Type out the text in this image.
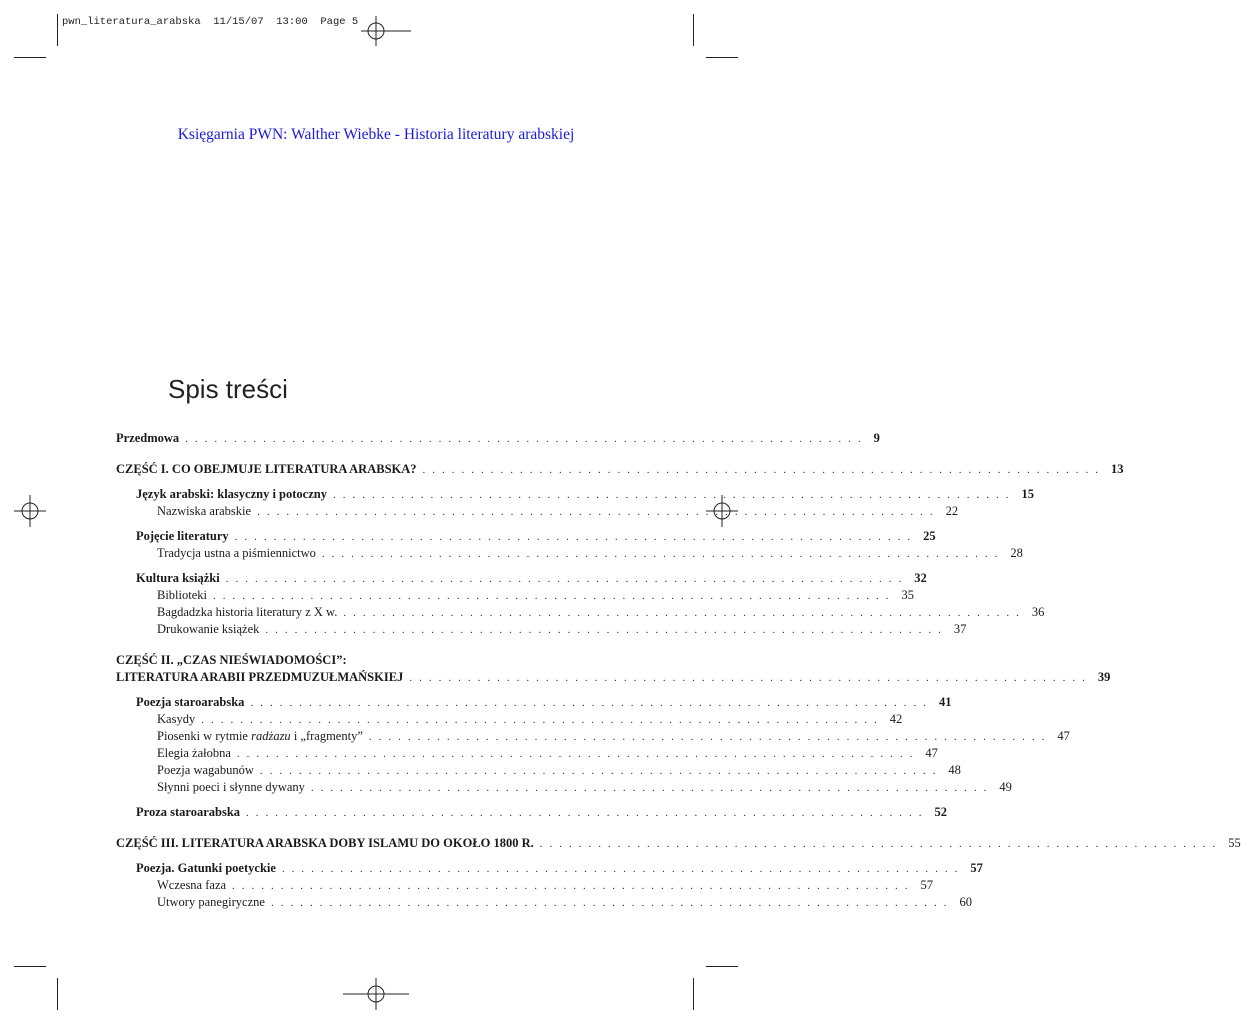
pwn_literatura_arabska  11/15/07  13:00  Page 5
Księgarnia PWN: Walther Wiebke - Historia literatury arabskiej
Spis treści
Przedmowa ...................................................................... 9
CZĘŚĆ I. CO OBEJMUJE LITERATURA ARABSKA? ...................................................................... 13
Język arabski: klasyczny i potoczny ...................................................................... 15
Nazwiska arabskie ...................................................................... 22
Pojęcie literatury ...................................................................... 25
Tradycja ustna a piśmiennictwo ...................................................................... 28
Kultura książki ...................................................................... 32
Biblioteki ...................................................................... 35
Bagdadzka historia literatury z X w. ...................................................................... 36
Drukowanie książek ...................................................................... 37
CZĘŚĆ II. „CZAS NIEŚWIADOMOŚCI”:
LITERATURA ARABII PRZEDMUZUŁMAŃSKIEJ ...................................................................... 39
Poezja staroarabska ...................................................................... 41
Kasydy ...................................................................... 42
Piosenki w rytmie radżazu i „fragmenty” ...................................................................... 47
Elegia żałobna ...................................................................... 47
Poezja wagabunów ...................................................................... 48
Słynni poeci i słynne dywany ...................................................................... 49
Proza staroarabska ...................................................................... 52
CZĘŚĆ III. LITERATURA ARABSKA DOBY ISLAMU DO OKOŁO 1800 R. ...................................................................... 55
Poezja. Gatunki poetyckie ...................................................................... 57
Wczesna faza ...................................................................... 57
Utwory panegiryczne ...................................................................... 60
